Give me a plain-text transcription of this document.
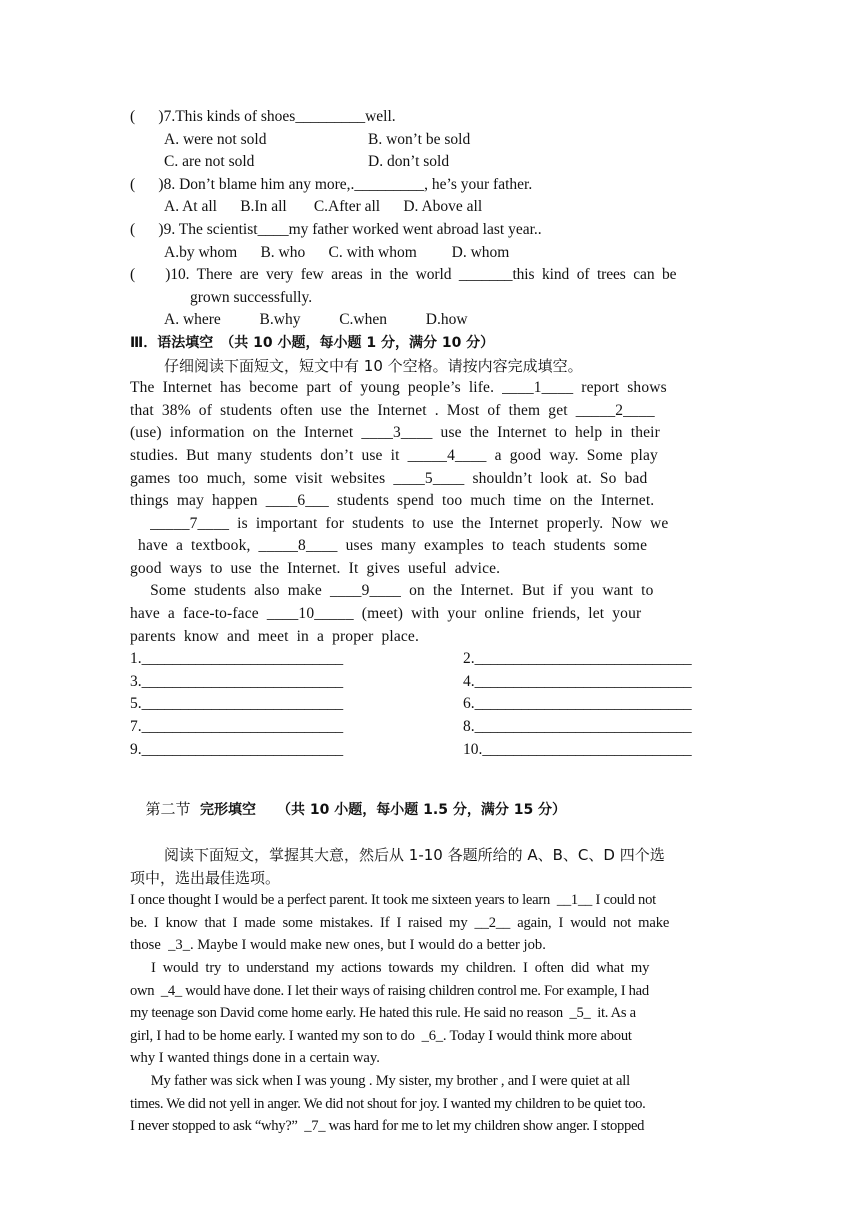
(      )7.This kinds of shoes_________well.
A. were not sold	B. won’t be sold
C. are not sold	D. don’t sold
(      )8. Don’t blame him any more,._________, he’s your father.
A. At all      B.In all       C.After all      D. Above all
(      )9. The scientist____my father worked went abroad last year..
A.by whom      B. who      C. with whom         D. whom
(        )10.  There  are  very  few  areas  in  the  world  _______this  kind  of  trees  can  be
grown successfully.
A. where          B.why          C.when          D.how
Ⅲ．语法填空　（共 10 小题，每小题 1 分，满分 10 分）
仔细阅读下面短文，短文中有 10 个空格。请按内容完成填空。
The  Internet  has  become  part  of  young  people’s  life.  ____1____  report  shows
that  38%  of  students  often  use  the  Internet  .  Most  of  them  get  _____2____
(use)  information  on  the  Internet  ____3____  use  the  Internet  to  help  in  their
studies.  But  many  students  don’t  use  it  _____4____  a  good  way.  Some  play
games  too  much,  some  visit  websites  ____5____  shouldn’t  look  at.  So  bad
things  may  happen  ____6___  students  spend  too  much  time  on  the  Internet.
_____7____  is  important  for  students  to  use  the  Internet  properly.  Now  we
have  a  textbook,  _____8____  uses  many  examples  to  teach  students  some
good  ways  to  use  the  Internet.  It  gives  useful  advice.
Some  students  also  make  ____9____  on  the  Internet.  But  if  you  want  to
have  a  face-to-face  ____10_____  (meet)  with  your  online  friends,  let  your
parents  know  and  meet  in  a  proper  place.
1.__________________________	2.____________________________
3.__________________________	4.____________________________
5.__________________________	6.____________________________
7.__________________________	8.____________________________
9.__________________________	10.___________________________

第二节  完形填空　　（共 10 小题，每小题 1.5 分，满分 15 分）

阅读下面短文，掌握其大意，然后从 1-10 各题所给的 A、B、C、D 四个选
项中，选出最佳选项。
I once thought I would be a perfect parent. It took me sixteen years to learn  __1__ I could not
be.  I  know  that  I  made  some  mistakes.  If  I  raised  my  __2__  again,  I  would  not  make
those  _3_. Maybe I would make new ones, but I would do a better job.
I  would  try  to  understand  my  actions  towards  my  children.  I  often  did  what  my
own  _4_ would have done. I let their ways of raising children control me. For example, I had
my teenage son David come home early. He hated this rule. He said no reason  _5_  it. As a
girl, I had to be home early. I wanted my son to do  _6_. Today I would think more about
why I wanted things done in a certain way.
My father was sick when I was young . My sister, my brother , and I were quiet at all
times. We did not yell in anger. We did not shout for joy. I wanted my children to be quiet too.
I never stopped to ask “why?”  _7_ was hard for me to let my children show anger. I stopped
